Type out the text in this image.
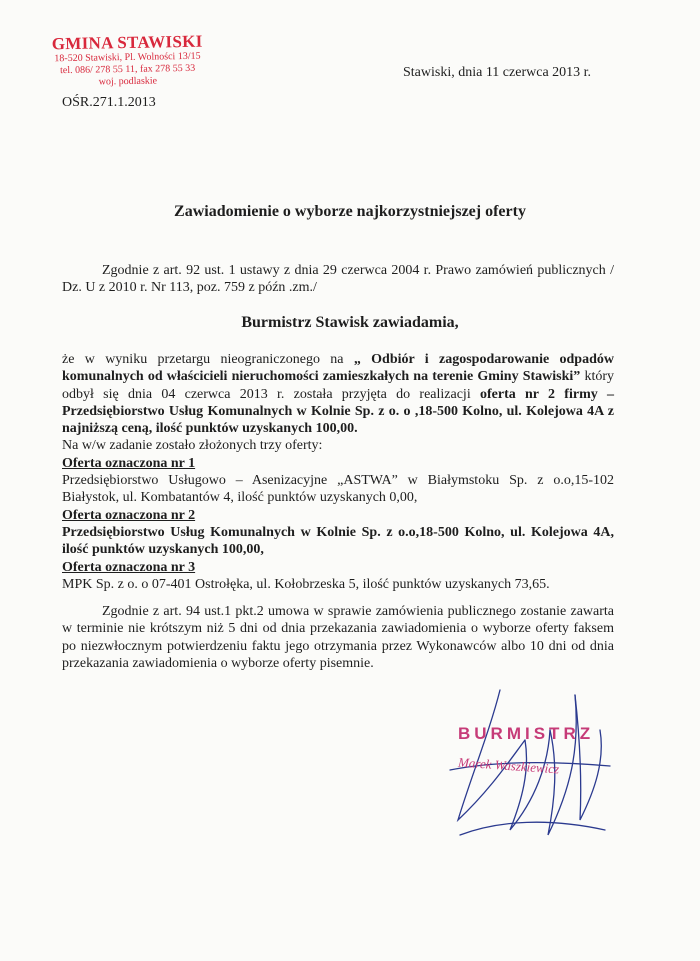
GMINA STAWISKI
18-520 Stawiski, Pl. Wolności 13/15
tel. 086/ 278 55 11, fax 278 55 33
woj. podlaskie
Stawiski, dnia 11 czerwca 2013 r.
OŚR.271.1.2013
Zawiadomienie o wyborze najkorzystniejszej oferty
Zgodnie z art. 92 ust. 1 ustawy z dnia 29 czerwca 2004 r. Prawo zamówień publicznych / Dz. U z 2010 r. Nr 113, poz. 759 z późn .zm./
Burmistrz Stawisk zawiadamia,
że w wyniku przetargu nieograniczonego na „ Odbiór i zagospodarowanie odpadów komunalnych od właścicieli nieruchomości zamieszkałych na terenie Gminy Stawiski” który odbył się dnia 04 czerwca 2013 r. została przyjęta do realizacji oferta nr 2 firmy – Przedsiębiorstwo Usług Komunalnych w Kolnie Sp. z o. o ,18-500 Kolno, ul. Kolejowa 4A z najniższą ceną, ilość punktów uzyskanych 100,00.
Na w/w zadanie zostało złożonych trzy oferty:
Oferta oznaczona nr 1
Przedsiębiorstwo Usługowo – Asenizacyjne „ASTWA” w Białymstoku Sp. z o.o,15-102 Białystok, ul. Kombatantów 4, ilość punktów uzyskanych 0,00,
Oferta oznaczona nr 2
Przedsiębiorstwo Usług Komunalnych w Kolnie Sp. z o.o,18-500 Kolno, ul. Kolejowa 4A, ilość punktów uzyskanych 100,00,
Oferta oznaczona nr 3
MPK Sp. z o. o 07-401 Ostrołęka, ul. Kołobrzeska 5, ilość punktów uzyskanych 73,65.
Zgodnie z art. 94 ust.1 pkt.2 umowa w sprawie zamówienia publicznego zostanie zawarta w terminie nie krótszym niż 5 dni od dnia przekazania zawiadomienia o wyborze oferty faksem po niezwłocznym potwierdzeniu faktu jego otrzymania przez Wykonawców albo 10 dni od dnia przekazania zawiadomienia o wyborze oferty pisemnie.
BURMISTRZ
Marek Waszkiewicz
